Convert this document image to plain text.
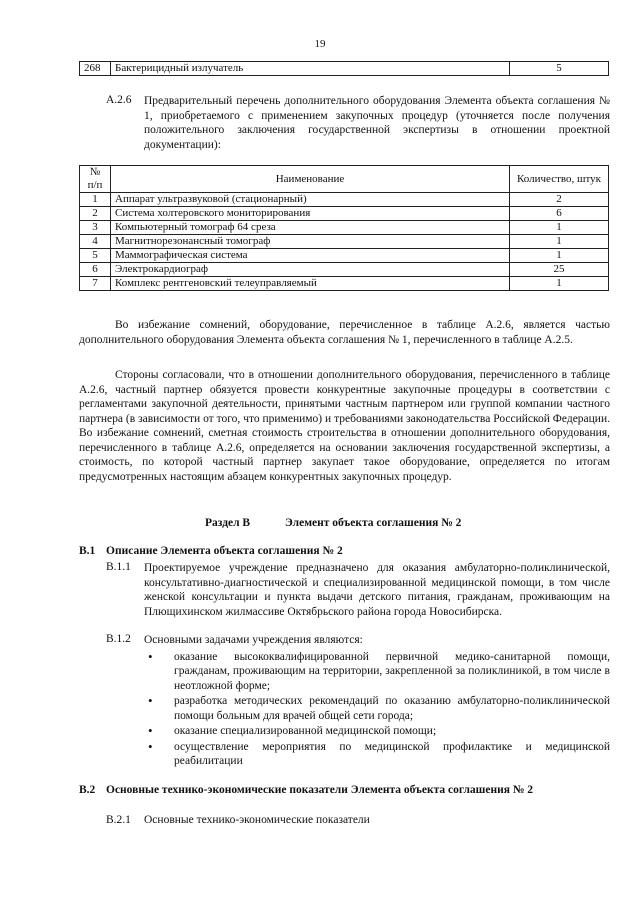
19
268	Бактерицидный излучатель	5
А.2.6 Предварительный перечень дополнительного оборудования Элемента объекта соглашения № 1, приобретаемого с применением закупочных процедур (уточняется после получения положительного заключения государственной экспертизы в отношении проектной документации):
№ п/п	Наименование	Количество, штук
1	Аппарат ультразвуковой (стационарный)	2
2	Система холтеровского мониторирования	6
3	Компьютерный томограф 64 среза	1
4	Магнитнорезонансный томограф	1
5	Маммографическая система	1
6	Электрокардиограф	25
7	Комплекс рентгеновский телеуправляемый	1
Во избежание сомнений, оборудование, перечисленное в таблице А.2.6, является частью дополнительного оборудования Элемента объекта соглашения № 1, перечисленного в таблице А.2.5.
Стороны согласовали, что в отношении дополнительного оборудования, перечисленного в таблице А.2.6, частный партнер обязуется провести конкурентные закупочные процедуры в соответствии с регламентами закупочной деятельности, принятыми частным партнером или группой компании частного партнера (в зависимости от того, что применимо) и требованиями законодательства Российской Федерации. Во избежание сомнений, сметная стоимость строительства в отношении дополнительного оборудования, перечисленного в таблице А.2.6, определяется на основании заключения государственной экспертизы, а стоимость, по которой частный партнер закупает такое оборудование, определяется по итогам предусмотренных настоящим абзацем конкурентных закупочных процедур.
Раздел В	Элемент объекта соглашения № 2
В.1 Описание Элемента объекта соглашения № 2
В.1.1 Проектируемое учреждение предназначено для оказания амбулаторно-поликлинической, консультативно-диагностической и специализированной медицинской помощи, в том числе женской консультации и пункта выдачи детского питания, гражданам, проживающим на Плющихинском жилмассиве Октябрьского района города Новосибирска.
В.1.2 Основными задачами учреждения являются:
• оказание высококвалифицированной первичной медико-санитарной помощи, гражданам, проживающим на территории, закрепленной за поликлиникой, в том числе в неотложной форме;
• разработка методических рекомендаций по оказанию амбулаторно-поликлинической помощи больным для врачей общей сети города;
• оказание специализированной медицинской помощи;
• осуществление мероприятия по медицинской профилактике и медицинской реабилитации
В.2 Основные технико-экономические показатели Элемента объекта соглашения № 2
В.2.1 Основные технико-экономические показатели
